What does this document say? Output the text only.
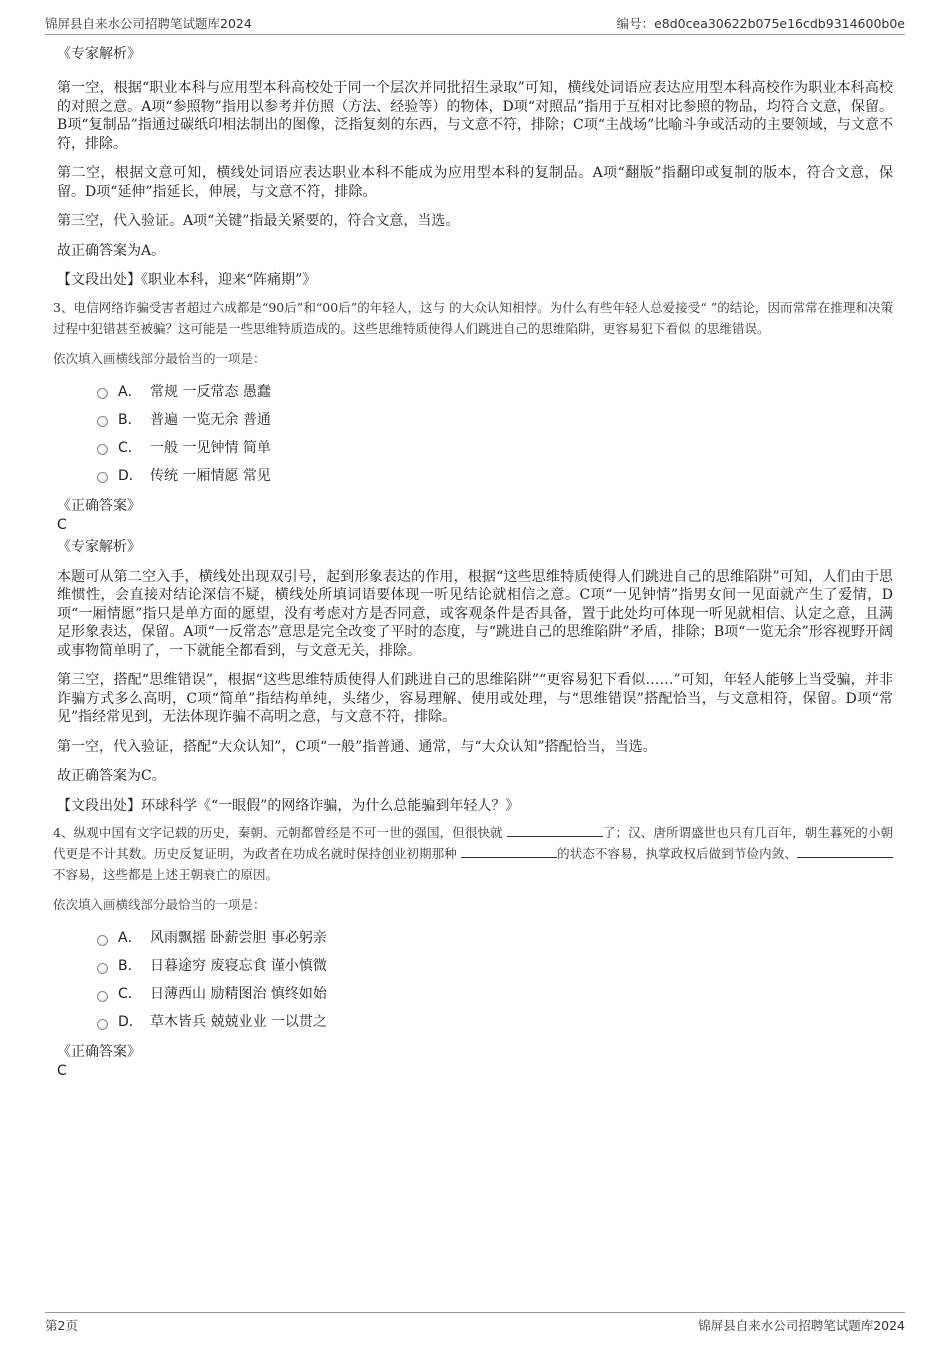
锦屏县自来水公司招聘笔试题库2024	编号：e8d0cea30622b075e16cdb9314600b0e

《专家解析》

第一空，根据“职业本科与应用型本科高校处于同一个层次并同批招生录取”可知，横线处词语应表达应用型本科高校作为职业本科高校的对照之意。A项“参照物”指用以参考并仿照（方法、经验等）的物体，D项“对照品”指用于互相对比参照的物品，均符合文意，保留。B项“复制品”指通过碳纸印相法制出的图像，泛指复刻的东西，与文意不符，排除；C项“主战场”比喻斗争或活动的主要领域，与文意不符，排除。

第二空，根据文意可知，横线处词语应表达职业本科不能成为应用型本科的复制品。A项“翻版”指翻印或复制的版本，符合文意，保留。D项“延伸”指延长，伸展，与文意不符，排除。

第三空，代入验证。A项“关键”指最关紧要的，符合文意，当选。

故正确答案为A。

【文段出处】《职业本科，迎来“阵痛期”》

3、电信网络诈骗受害者超过六成都是“90后”和“00后”的年轻人，这与 的大众认知相悖。为什么有些年轻人总爱接受“ ”的结论，因而常常在推理和决策过程中犯错甚至被骗？这可能是一些思维特质造成的。这些思维特质使得人们跳进自己的思维陷阱，更容易犯下看似 的思维错误。

依次填入画横线部分最恰当的一项是：

A． 常规 一反常态 愚蠢
B． 普遍 一览无余 普通
C． 一般 一见钟情 简单
D． 传统 一厢情愿 常见

《正确答案》

C

《专家解析》

本题可从第二空入手，横线处出现双引号，起到形象表达的作用，根据“这些思维特质使得人们跳进自己的思维陷阱”可知，人们由于思维惯性，会直接对结论深信不疑，横线处所填词语要体现一听见结论就相信之意。C项“一见钟情”指男女间一见面就产生了爱情，D项“一厢情愿”指只是单方面的愿望，没有考虑对方是否同意，或客观条件是否具备，置于此处均可体现一听见就相信、认定之意，且满足形象表达，保留。A项“一反常态”意思是完全改变了平时的态度，与“跳进自己的思维陷阱”矛盾，排除；B项“一览无余”形容视野开阔或事物简单明了，一下就能全都看到，与文意无关，排除。

第三空，搭配“思维错误”，根据“这些思维特质使得人们跳进自己的思维陷阱”“更容易犯下看似……”可知，年轻人能够上当受骗，并非诈骗方式多么高明，C项“简单”指结构单纯，头绪少，容易理解、使用或处理，与“思维错误”搭配恰当，与文意相符，保留。D项“常见”指经常见到，无法体现诈骗不高明之意，与文意不符，排除。

第一空，代入验证，搭配“大众认知”，C项“一般”指普通、通常，与“大众认知”搭配恰当，当选。

故正确答案为C。

【文段出处】环球科学《“一眼假”的网络诈骗，为什么总能骗到年轻人？》

4、纵观中国有文字记载的历史，秦朝、元朝都曾经是不可一世的强国，但很快就	了；汉、唐所谓盛世也只有几百年，朝生暮死的小朝代更是不计其数。历史反复证明，为政者在功成名就时保持创业初期那种	的状态不容易，执掌政权后做到节俭内敛、不容易，这些都是上述王朝衰亡的原因。

依次填入画横线部分最恰当的一项是：

A． 风雨飘摇 卧薪尝胆 事必躬亲
B． 日暮途穷 废寝忘食 谨小慎微
C． 日薄西山 励精图治 慎终如始
D． 草木皆兵 兢兢业业 一以贯之

《正确答案》

C

第2页	锦屏县自来水公司招聘笔试题库2024
